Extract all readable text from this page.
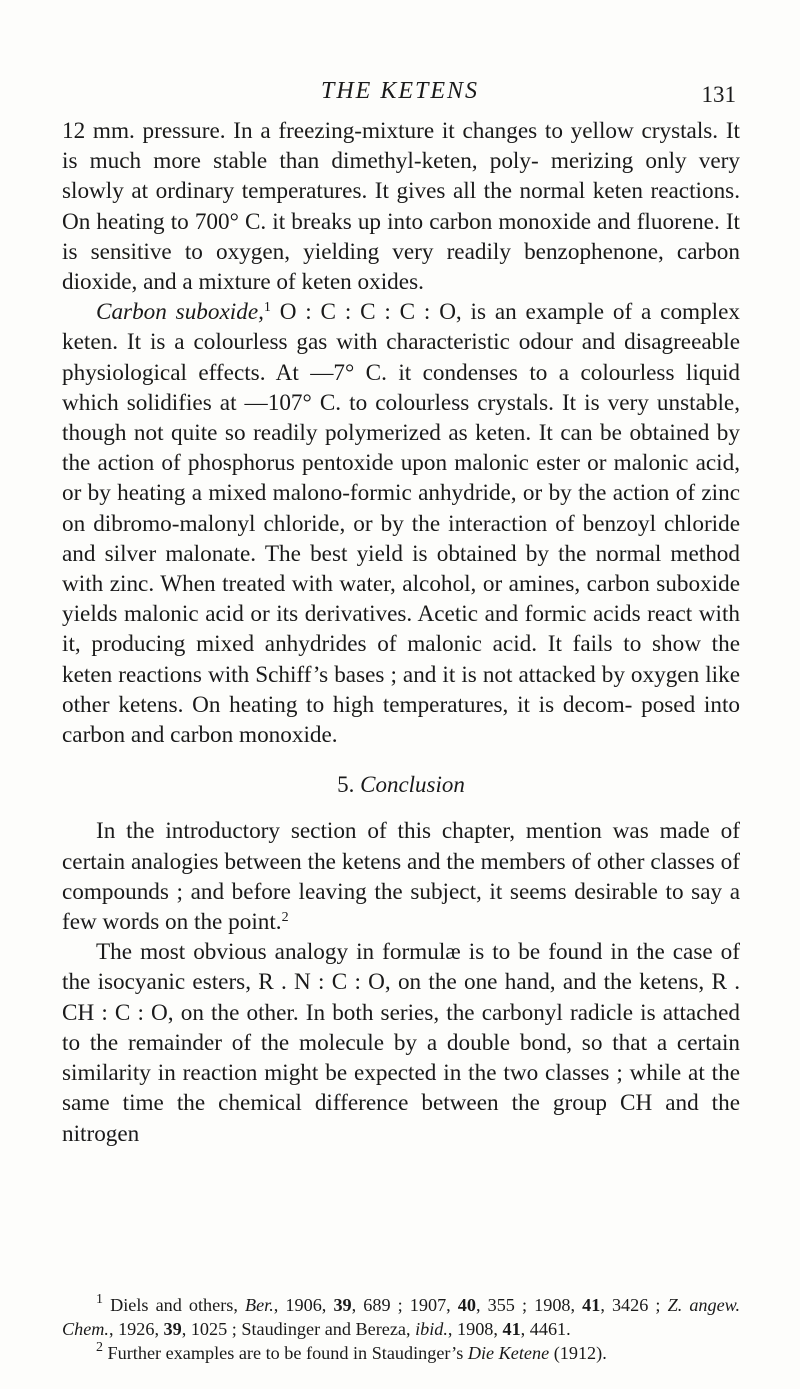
THE KETENS	131

12 mm. pressure. In a freezing-mixture it changes to yellow crystals. It is much more stable than dimethyl-keten, poly- merizing only very slowly at ordinary temperatures. It gives all the normal keten reactions. On heating to 700° C. it breaks up into carbon monoxide and fluorene. It is sensitive to oxygen, yielding very readily benzophenone, carbon dioxide, and a mixture of keten oxides.

Carbon suboxide,$^1$ O : C : C : C : O, is an example of a complex keten. It is a colourless gas with characteristic odour and disagreeable physiological effects. At —7° C. it condenses to a colourless liquid which solidifies at —107° C. to colourless crystals. It is very unstable, though not quite so readily polymerized as keten. It can be obtained by the action of phosphorus pentoxide upon malonic ester or malonic acid, or by heating a mixed malono-formic anhydride, or by the action of zinc on dibromo-malonyl chloride, or by the interaction of benzoyl chloride and silver malonate. The best yield is obtained by the normal method with zinc. When treated with water, alcohol, or amines, carbon suboxide yields malonic acid or its derivatives. Acetic and formic acids react with it, producing mixed anhydrides of malonic acid. It fails to show the keten reactions with Schiff’s bases ; and it is not attacked by oxygen like other ketens. On heating to high temperatures, it is decom- posed into carbon and carbon monoxide.

5. Conclusion

In the introductory section of this chapter, mention was made of certain analogies between the ketens and the members of other classes of compounds ; and before leaving the subject, it seems desirable to say a few words on the point.$^2$

The most obvious analogy in formulæ is to be found in the case of the isocyanic esters, R . N : C : O, on the one hand, and the ketens, R . CH : C : O, on the other. In both series, the carbonyl radicle is attached to the remainder of the molecule by a double bond, so that a certain similarity in reaction might be expected in the two classes ; while at the same time the chemical difference between the group CH and the nitrogen

$^1$ Diels and others, Ber., 1906, 39, 689 ; 1907, 40, 355 ; 1908, 41, 3426 ; Z. angew. Chem., 1926, 39, 1025 ; Staudinger and Bereza, ibid., 1908, 41, 4461.

$^2$ Further examples are to be found in Staudinger’s Die Ketene (1912).
